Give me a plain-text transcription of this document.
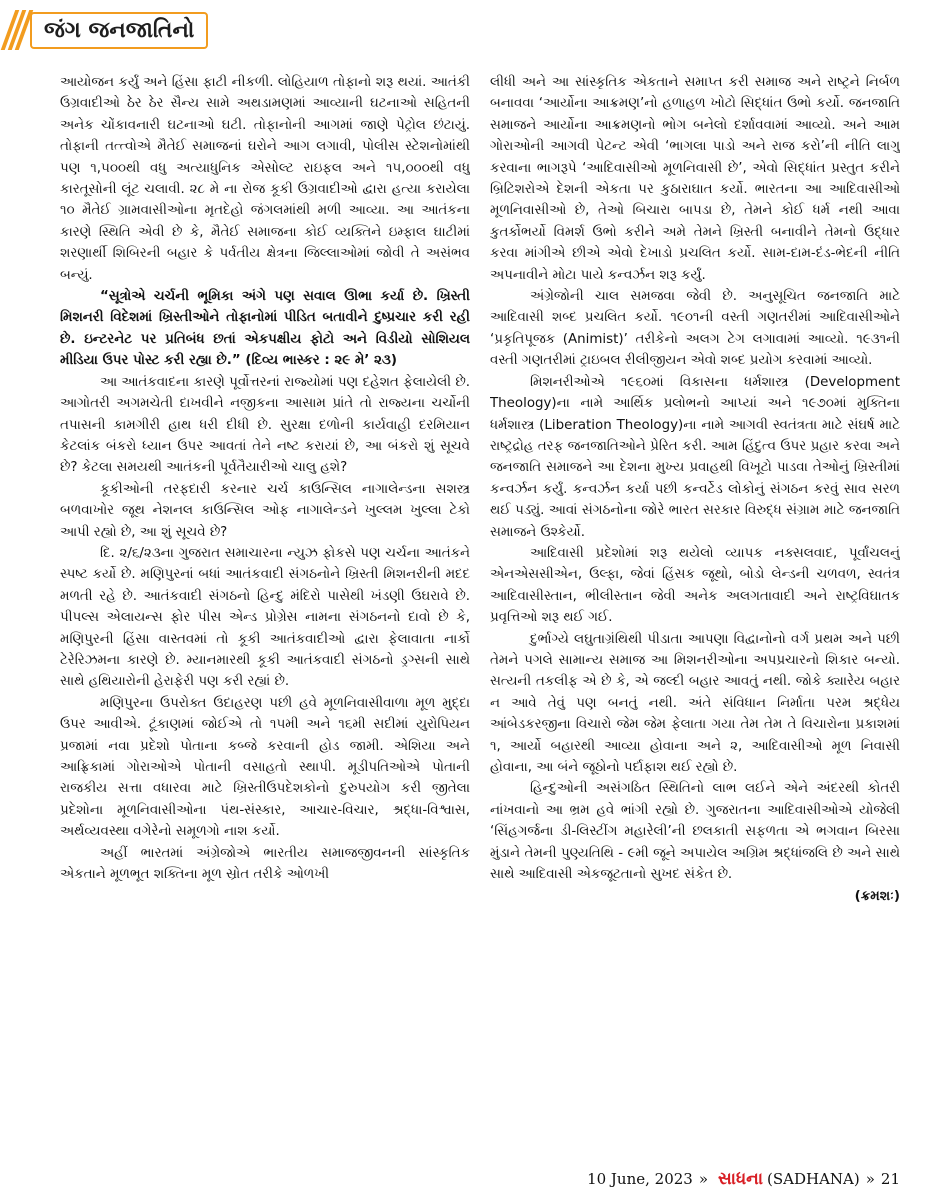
જંગ જનજાતિનો

આયોજન કર્યું અને હિંસા ફાટી નીકળી. લોહિયાળ તોફાનો શરૂ થયાં. આતંકી ઉગ્રવાદીઓ ઠેર ઠેર સૈન્ય સામે અથડામણમાં આવ્યાની ઘટનાઓ સહિતની અનેક ચોંકાવનારી ઘટનાઓ ઘટી. તોફાનોની આગમાં જાણે પેટ્રોલ છંટાયું. તોફાની તત્ત્વોએ મૈતેઈ સમાજનાં ઘરોને આગ લગાવી, પોલીસ સ્ટેશનોમાંથી પણ ૧,૫૦૦થી વધુ અત્યાધુનિક એસોલ્ટ રાઇફલ અને ૧૫,૦૦૦થી વધુ કારતૂસોની લૂંટ ચલાવી. ૨૮ મે ના રોજ કૂકી ઉગ્રવાદીઓ દ્વારા હત્યા કરાયેલા ૧૦ મૈતેઈ ગ્રામવાસીઓના મૃતદેહો જંગલમાંથી મળી આવ્યા. આ આતંકના કારણે સ્થિતિ એવી છે કે, મૈતેઈ સમાજના કોઈ વ્યક્તિને ઇમ્ફાલ ઘાટીમાં શરણાર્થી શિબિરની બહાર કે પર્વતીય ક્ષેત્રના જિલ્લાઓમાં જોવી તે અસંભવ બન્યું.

“સૂત્રોએ ચર્ચની ભૂમિકા અંગે પણ સવાલ ઊભા કર્યા છે. ખ્રિસ્તી મિશનરી વિદેશમાં ખ્રિસ્તીઓને તોફાનોમાં પીડિત બતાવીને દુષ્પ્રચાર કરી રહી છે. ઇન્ટરનેટ પર પ્રતિબંધ છતાં એકપક્ષીય ફોટો અને વિડીયો સોશિયલ મીડિયા ઉપર પોસ્ટ કરી રહ્યા છે.” (દિવ્ય ભાસ્કર : ૨૯ મે’ ૨૩)

આ આતંકવાદના કારણે પૂર્વોત્તરનાં રાજ્યોમાં પણ દહેશત ફેલાયેલી છે. આગોતરી અગમચેતી દાખવીને નજીકના આસામ પ્રાંતે તો રાજ્યના ચર્ચોની તપાસની કામગીરી હાથ ધરી દીધી છે. સુરક્ષા દળોની કાર્યવાહી દરમિયાન કેટલાંક બંકરો ધ્યાન ઉપર આવતાં તેને નષ્ટ કરાયાં છે, આ બંકરો શું સૂચવે છે? કેટલા સમયથી આતંકની પૂર્વતૈયારીઓ ચાલુ હશે?

કૂકીઓની તરફદારી કરનાર ચર્ચ કાઉન્સિલ નાગાલેન્ડના સશસ્ત્ર બળવાખોર જૂથ નેશનલ કાઉન્સિલ ઓફ નાગાલેન્ડને ખુલ્લમ ખુલ્લા ટેકો આપી રહ્યો છે, આ શું સૂચવે છે?

દિ. ૨/૬/૨૩ના ગુજરાત સમાચારના ન્યુઝ ફોકસે પણ ચર્ચના આતંકને સ્પષ્ટ કર્યો છે. મણિપુરનાં બધાં આતંકવાદી સંગઠનોને ખ્રિસ્તી મિશનરીની મદદ મળતી રહે છે. આતંકવાદી સંગઠનો હિન્દુ મંદિરો પાસેથી ખંડણી ઉઘરાવે છે. પીપલ્સ એલાયન્સ ફોર પીસ એન્ડ પ્રોગ્રેસ નામના સંગઠનનો દાવો છે કે, મણિપુરની હિંસા વાસ્તવમાં તો કૂકી આતંકવાદીઓ દ્વારા ફેલાવાતા નાર્કો ટેરેરિઝમના કારણે છે. મ્યાનમારથી કૂકી આતંકવાદી સંગઠનો ડ્રગ્સની સાથે સાથે હથિયારોની હેરાફેરી પણ કરી રહ્યાં છે.

મણિપુરના ઉપરોક્ત ઉદાહરણ પછી હવે મૂળનિવાસીવાળા મૂળ મુદ્દા ઉપર આવીએ. ટૂંકાણમાં જોઈએ તો ૧૫મી અને ૧૬મી સદીમાં યુરોપિયન પ્રજામાં નવા પ્રદેશો પોતાના કબ્જે કરવાની હોડ જામી. એશિયા અને આફ્રિકામાં ગોરાઓએ પોતાની વસાહતો સ્થાપી. મૂડીપતિઓએ પોતાની રાજકીય સત્તા વધારવા માટે ખ્રિસ્તીઉપદેશકોનો દુરુપયોગ કરી જીતેલા પ્રદેશોના મૂળનિવાસીઓના પંથ-સંસ્કાર, આચાર-વિચાર, શ્રદ્ધા-વિશ્વાસ, અર્થવ્યવસ્થા વગેરેનો સમૂળગો નાશ કર્યો.

અહીં ભારતમાં અંગ્રેજોએ ભારતીય સમાજજીવનની સાંસ્કૃતિક એકતાને મૂળભૂત શક્તિના મૂળ સ્રોત તરીકે ઓળખી

લીધી અને આ સાંસ્કૃતિક એકતાને સમાપ્ત કરી સમાજ અને રાષ્ટ્રને નિર્બળ બનાવવા ‘આર્યોના આક્રમણ’નો હળાહળ ખોટો સિદ્ધાંત ઉભો કર્યો. જનજાતિ સમાજને આર્યોના આક્રમણનો ભોગ બનેલો દર્શાવવામાં આવ્યો. અને આમ ગોરાઓની આગવી પેટન્ટ એવી ‘ભાગલા પાડો અને રાજ કરો’ની નીતિ લાગુ કરવાના ભાગરૂપે ‘આદિવાસીઓ મૂળનિવાસી છે’, એવો સિદ્ધાંત પ્રસ્તુત કરીને બ્રિટિશરોએ દેશની એકતા પર કુઠારાઘાત કર્યો. ભારતના આ આદિવાસીઓ મૂળનિવાસીઓ છે, તેઓ બિચારા બાપડા છે, તેમને કોઈ ધર્મ નથી આવા કુતર્કોભર્યો વિમર્શ ઉભો કરીને અમે તેમને ખ્રિસ્તી બનાવીને તેમનો ઉદ્ધાર કરવા માંગીએ છીએ એવો દેખાડો પ્રચલિત કર્યો. સામ-દામ-દંડ-ભેદની નીતિ અપનાવીને મોટા પાયે કન્વર્ઝન શરૂ કર્યું.

અંગ્રેજોની ચાલ સમજવા જેવી છે. અનુસૂચિત જનજાતિ માટે આદિવાસી શબ્દ પ્રચલિત કર્યો. ૧૯૦૧ની વસ્તી ગણતરીમાં આદિવાસીઓને ‘પ્રકૃતિપૂજક (Animist)’ તરીકેનો અલગ ટેગ લગાવામાં આવ્યો. ૧૯૩૧ની વસ્તી ગણતરીમાં ટ્રાઇબલ રીલીજીયન એવો શબ્દ પ્રયોગ કરવામાં આવ્યો.

મિશનરીઓએ ૧૯૬૦માં વિકાસના ધર્મશાસ્ત્ર (Development Theology)ના નામે આર્થિક પ્રલોભનો આપ્યાં અને ૧૯૭૦માં મુક્તિના ધર્મશાસ્ત્ર (Liberation Theology)ના નામે આગવી સ્વતંત્રતા માટે સંઘર્ષ માટે રાષ્ટ્રદ્રોહ તરફ જનજાતિઓને પ્રેરિત કરી. આમ હિંદુત્વ ઉપર પ્રહાર કરવા અને જનજાતિ સમાજને આ દેશના મુખ્ય પ્રવાહથી વિખૂટો પાડવા તેઓનું ખ્રિસ્તીમાં કન્વર્ઝન કર્યું. કન્વર્ઝન કર્યા પછી કન્વર્ટેડ લોકોનું સંગઠન કરવું સાવ સરળ થઈ પડ્યું. આવાં સંગઠનોના જોરે ભારત સરકાર વિરુદ્ધ સંગ્રામ માટે જનજાતિ સમાજને ઉશ્કેર્યો.

આદિવાસી પ્રદેશોમાં શરૂ થયેલો વ્યાપક નક્સલવાદ, પૂર્વાંચલનું એનએસસીએન, ઉલ્ફા, જેવાં હિંસક જૂથો, બોડો લેન્ડની ચળવળ, સ્વતંત્ર આદિવાસીસ્તાન, ભીલીસ્તાન જેવી અનેક અલગતાવાદી અને રાષ્ટ્રવિઘાતક પ્રવૃત્તિઓ શરૂ થઈ ગઈ.

દુર્ભાગ્યે લઘુતાગ્રંથિથી પીડાતા આપણા વિદ્વાનોનો વર્ગ પ્રથમ અને પછી તેમને પગલે સામાન્ય સમાજ આ મિશનરીઓના અપપ્રચારનો શિકાર બન્યો. સત્યની તકલીફ એ છે કે, એ જલ્દી બહાર આવતું નથી. જોકે ક્યારેય બહાર ન આવે તેવું પણ બનતું નથી. અંતે સંવિધાન નિર્માતા પરમ શ્રદ્ધેય આંબેડકરજીના વિચારો જેમ જેમ ફેલાતા ગયા તેમ તેમ તે વિચારોના પ્રકાશમાં ૧, આર્યો બહારથી આવ્યા હોવાના અને ૨, આદિવાસીઓ મૂળ નિવાસી હોવાના, આ બંને જૂઠોનો પર્દાફાશ થઈ રહ્યો છે.

હિન્દુઓની અસંગઠિત સ્થિતિનો લાભ લઈને એને અંદરથી કોતરી નાંખવાનો આ ભ્રમ હવે ભાંગી રહ્યો છે. ગુજરાતના આદિવાસીઓએ યોજેલી ‘સિંહગર્જના ડી-લિસ્ટીંગ મહારેલી’ની છલકાતી સફળતા એ ભગવાન બિરસા મુંડાને તેમની પુણ્યતિથિ - ૯મી જૂને અપાયેલ અગ્રિમ શ્રદ્ધાંજલિ છે અને સાથે સાથે આદિવાસી એકજૂટતાનો સુખદ સંકેત છે.

(ક્રમશઃ)
10 June, 2023 » સાધના (SADHANA) » 21
